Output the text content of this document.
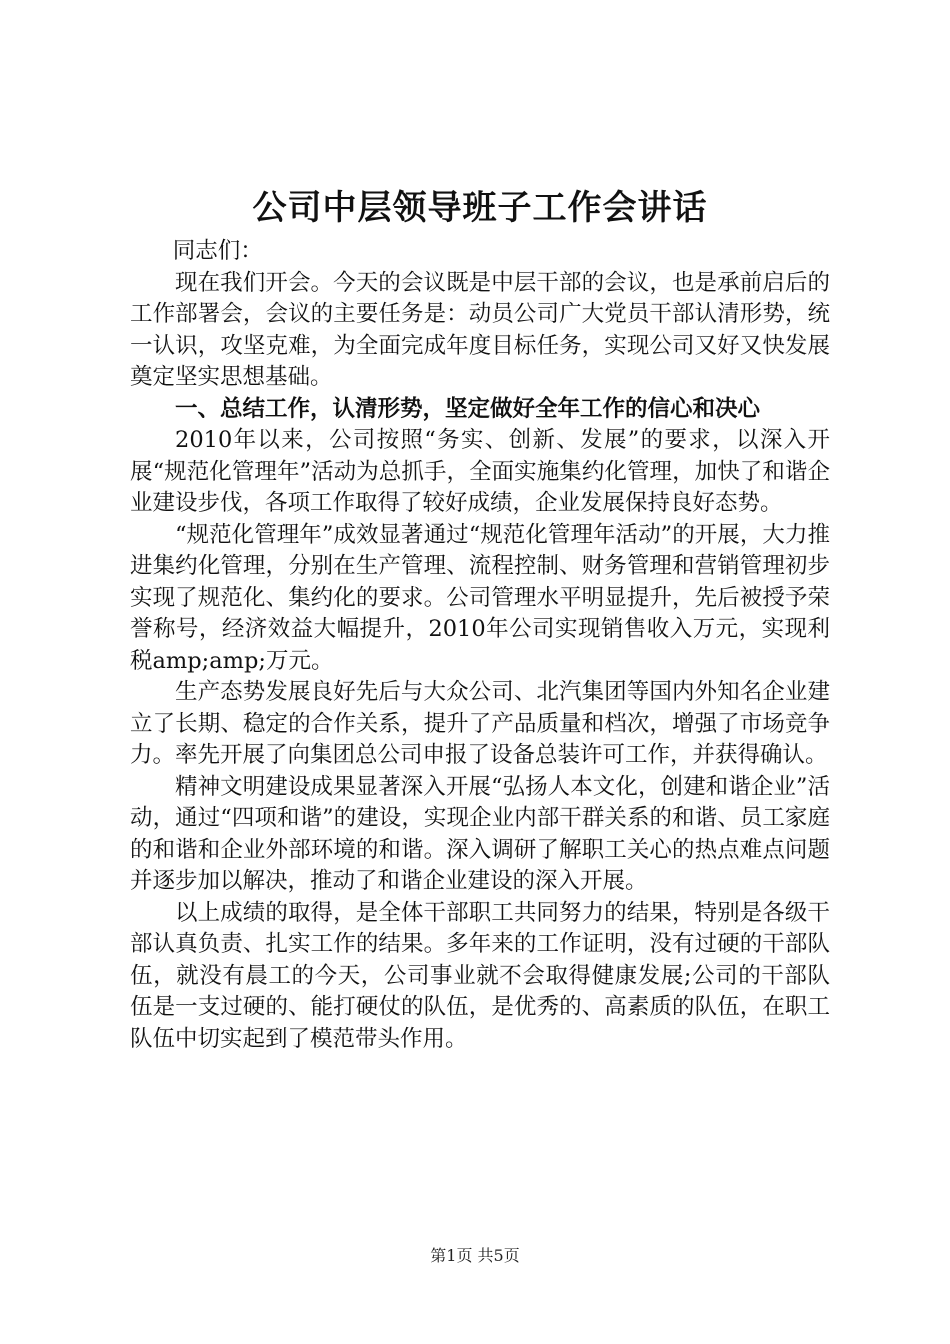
公司中层领导班子工作会讲话

同志们：

现在我们开会。今天的会议既是中层干部的会议，也是承前启后的工作部署会，会议的主要任务是：动员公司广大党员干部认清形势，统一认识，攻坚克难，为全面完成年度目标任务，实现公司又好又快发展奠定坚实思想基础。

一、总结工作，认清形势，坚定做好全年工作的信心和决心

2010年以来，公司按照“务实、创新、发展”的要求，以深入开展“规范化管理年”活动为总抓手，全面实施集约化管理，加快了和谐企业建设步伐，各项工作取得了较好成绩，企业发展保持良好态势。

“规范化管理年”成效显著通过“规范化管理年活动”的开展，大力推进集约化管理，分别在生产管理、流程控制、财务管理和营销管理初步实现了规范化、集约化的要求。公司管理水平明显提升，先后被授予荣誉称号，经济效益大幅提升，2010年公司实现销售收入万元，实现利税amp;amp;万元。

生产态势发展良好先后与大众公司、北汽集团等国内外知名企业建立了长期、稳定的合作关系，提升了产品质量和档次，增强了市场竞争力。率先开展了向集团总公司申报了设备总装许可工作，并获得确认。

精神文明建设成果显著深入开展“弘扬人本文化，创建和谐企业”活动，通过“四项和谐”的建设，实现企业内部干群关系的和谐、员工家庭的和谐和企业外部环境的和谐。深入调研了解职工关心的热点难点问题并逐步加以解决，推动了和谐企业建设的深入开展。

以上成绩的取得，是全体干部职工共同努力的结果，特别是各级干部认真负责、扎实工作的结果。多年来的工作证明，没有过硬的干部队伍，就没有晨工的今天，公司事业就不会取得健康发展;公司的干部队伍是一支过硬的、能打硬仗的队伍，是优秀的、高素质的队伍，在职工队伍中切实起到了模范带头作用。

第1页 共5页
